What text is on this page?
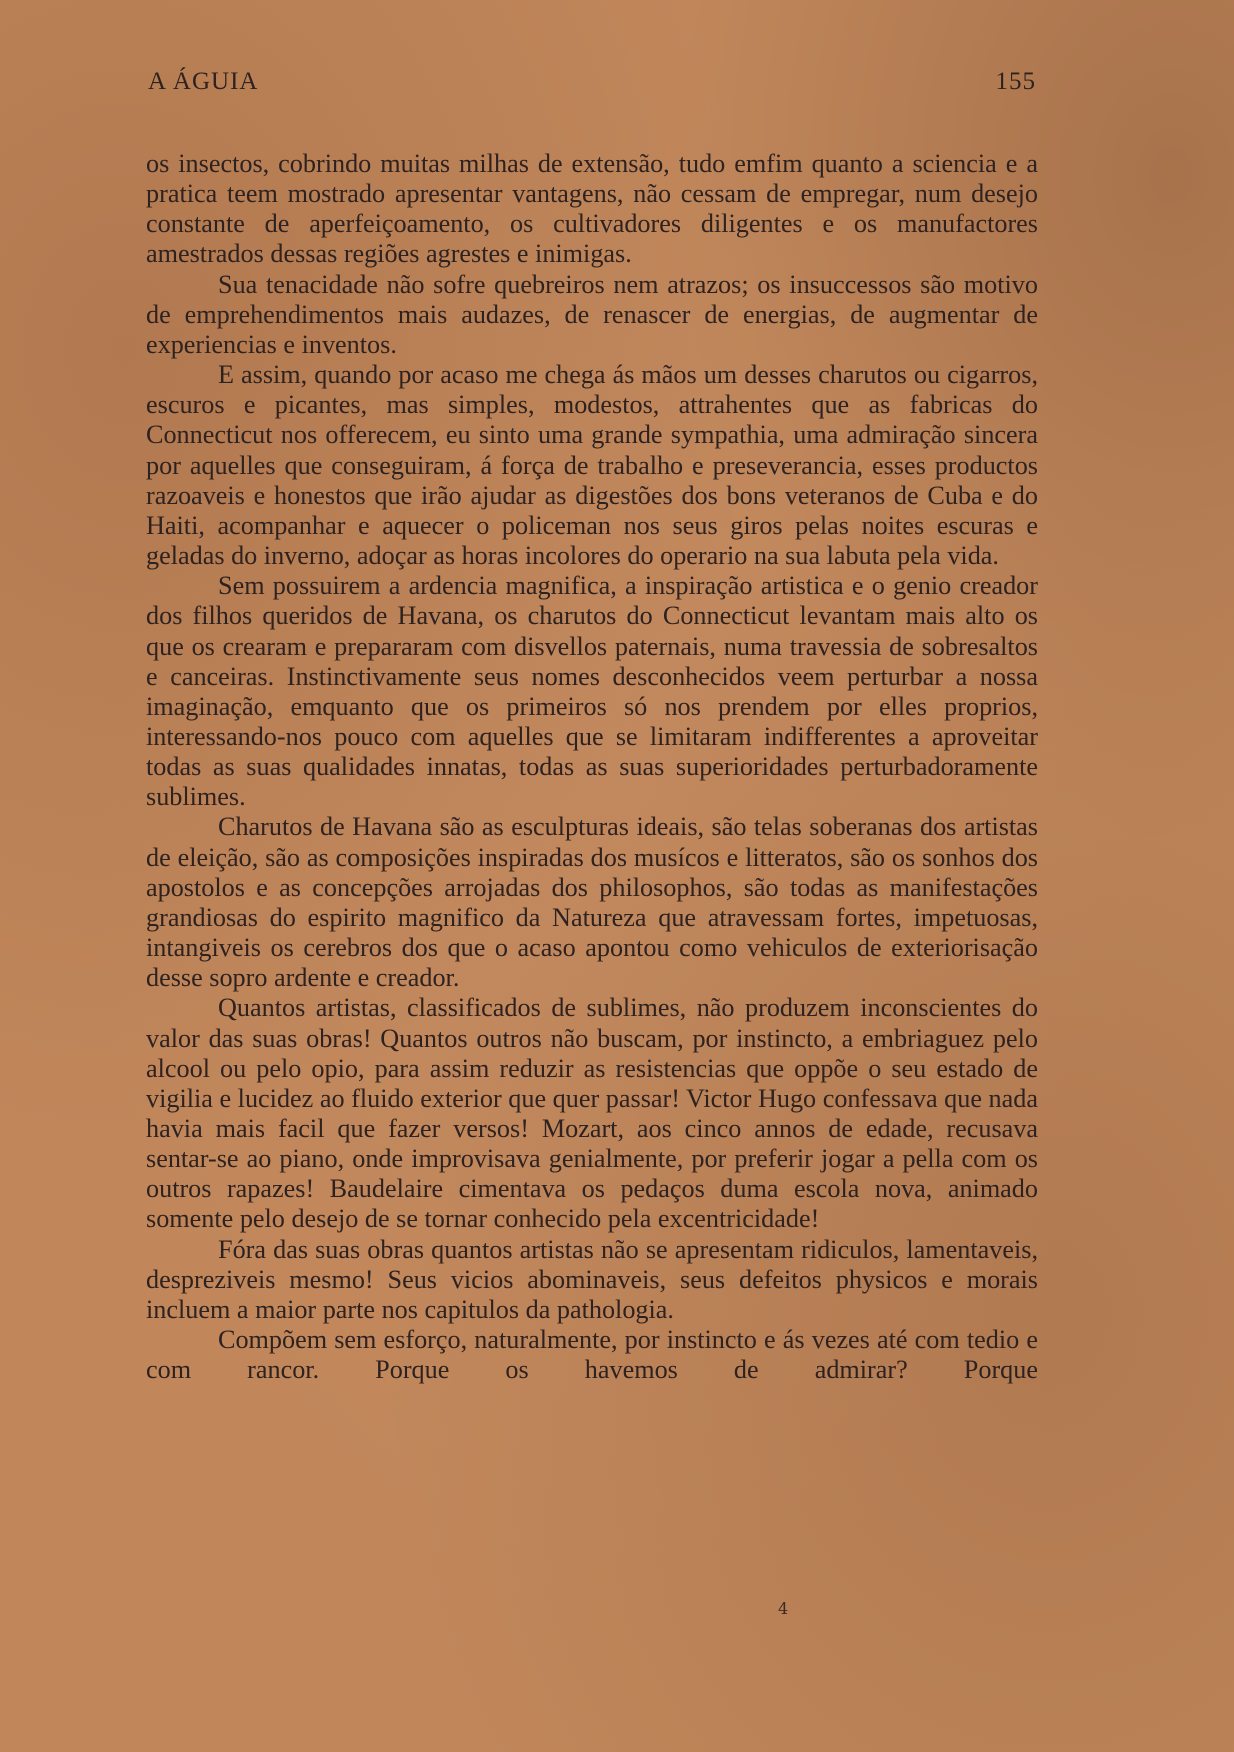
A ÁGUIA	155

os insectos, cobrindo muitas milhas de extensão, tudo emfim quanto a sciencia e a pratica teem mostrado apresentar vantagens, não cessam de empregar, num desejo constante de aperfeiçoamento, os cultivadores diligentes e os manufactores amestrados dessas regiões agrestes e inimigas.

Sua tenacidade não sofre quebreiros nem atrazos; os insuccessos são motivo de emprehendimentos mais audazes, de renascer de energias, de augmentar de experiencias e inventos.

E assim, quando por acaso me chega ás mãos um desses charutos ou cigarros, escuros e picantes, mas simples, modestos, attrahentes que as fabricas do Connecticut nos offerecem, eu sinto uma grande sympathia, uma admiração sincera por aquelles que conseguiram, á força de trabalho e preseverancia, esses productos razoaveis e honestos que irão ajudar as digestões dos bons veteranos de Cuba e do Haiti, acompanhar e aquecer o policeman nos seus giros pelas noites escuras e geladas do inverno, adoçar as horas incolores do operario na sua labuta pela vida.

Sem possuirem a ardencia magnifica, a inspiração artistica e o genio creador dos filhos queridos de Havana, os charutos do Connecticut levantam mais alto os que os crearam e prepararam com disvellos paternais, numa travessia de sobresaltos e canceiras. Instinctivamente seus nomes desconhecidos veem perturbar a nossa imaginação, emquanto que os primeiros só nos prendem por elles proprios, interessando-nos pouco com aquelles que se limitaram indifferentes a aproveitar todas as suas qualidades innatas, todas as suas superioridades perturbadoramente sublimes.

Charutos de Havana são as esculpturas ideais, são telas soberanas dos artistas de eleição, são as composições inspiradas dos musícos e litteratos, são os sonhos dos apostolos e as concepções arrojadas dos philosophos, são todas as manifestações grandiosas do espirito magnifico da Natureza que atravessam fortes, impetuosas, intangiveis os cerebros dos que o acaso apontou como vehiculos de exteriorisação desse sopro ardente e creador.

Quantos artistas, classificados de sublimes, não produzem inconscientes do valor das suas obras! Quantos outros não buscam, por instincto, a embriaguez pelo alcool ou pelo opio, para assim reduzir as resistencias que oppõe o seu estado de vigilia e lucidez ao fluido exterior que quer passar! Victor Hugo confessava que nada havia mais facil que fazer versos! Mozart, aos cinco annos de edade, recusava sentar-se ao piano, onde improvisava genialmente, por preferir jogar a pella com os outros rapazes! Baudelaire cimentava os pedaços duma escola nova, animado somente pelo desejo de se tornar conhecido pela excentricidade!

Fóra das suas obras quantos artistas não se apresentam ridiculos, lamentaveis, despreziveis mesmo! Seus vicios abominaveis, seus defeitos physicos e morais incluem a maior parte nos capitulos da pathologia.

Compõem sem esforço, naturalmente, por instincto e ás vezes até com tedio e com rancor. Porque os havemos de admirar? Porque

4
